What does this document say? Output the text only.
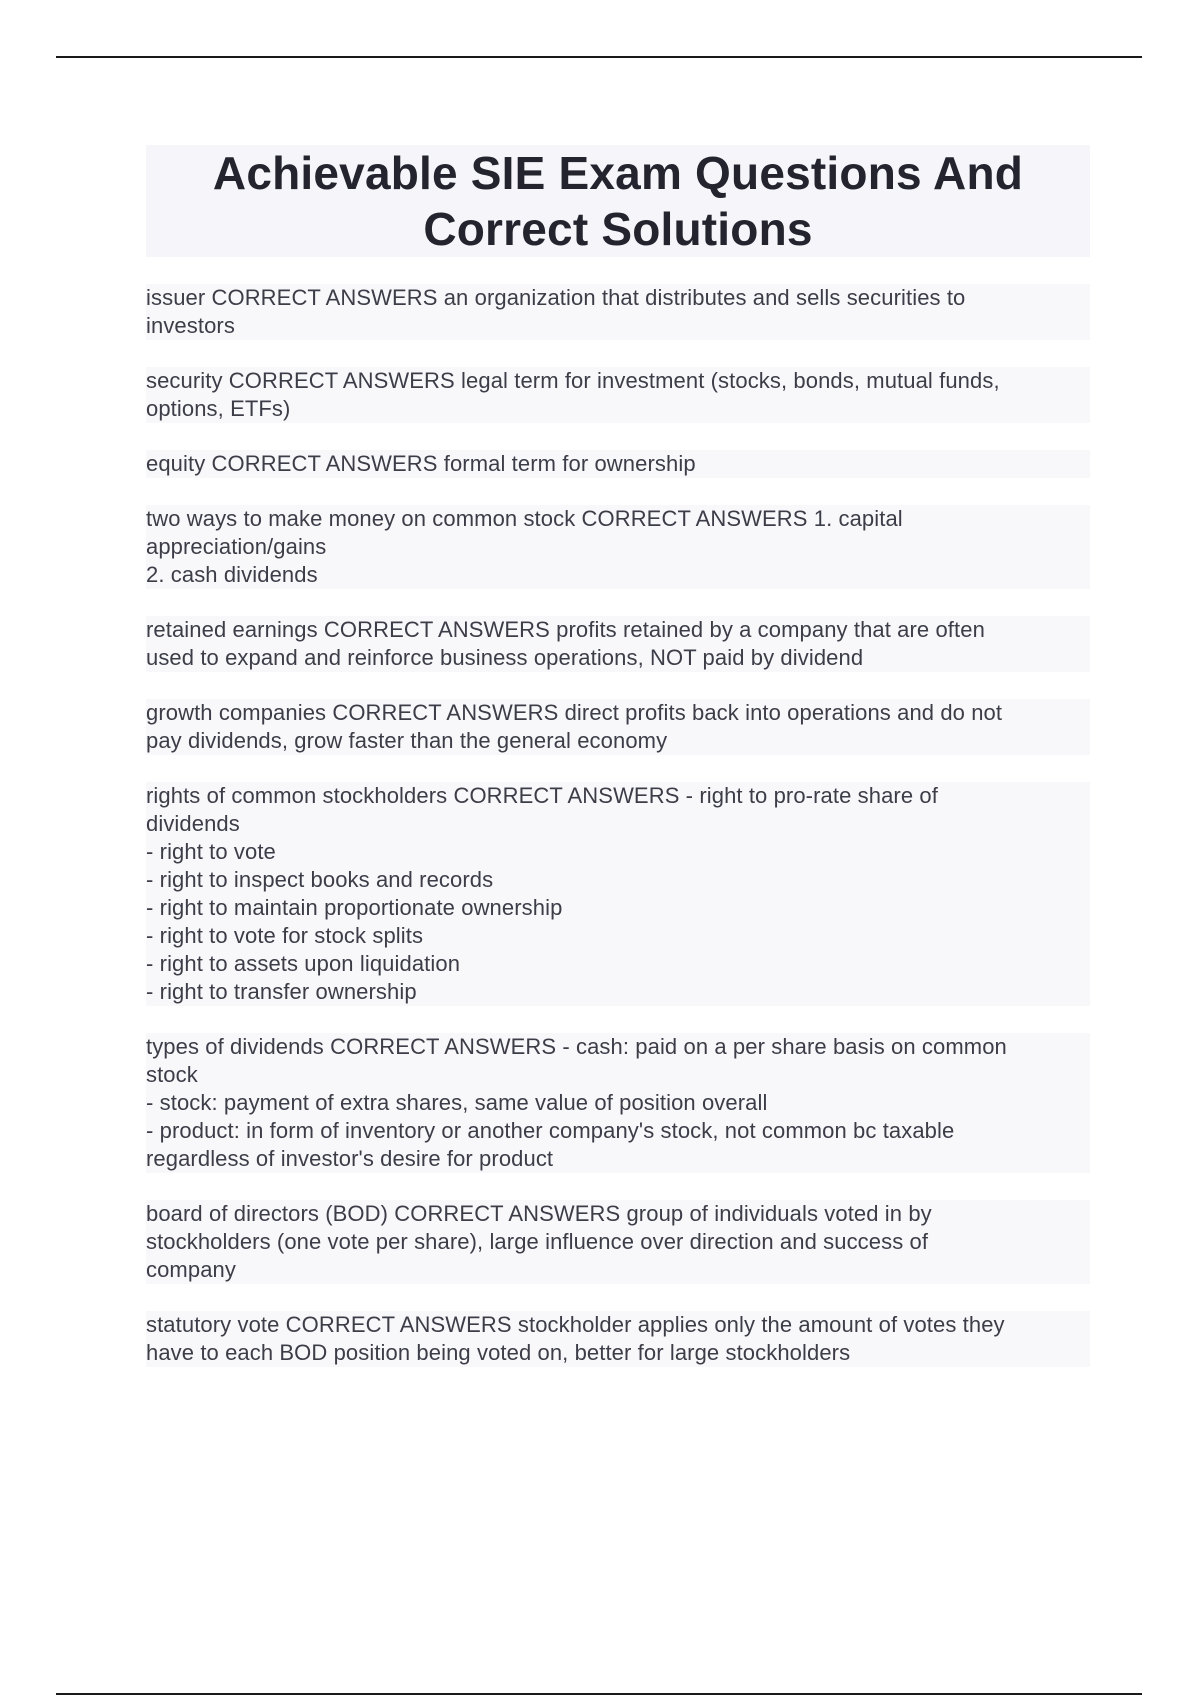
Achievable SIE Exam Questions And
Correct Solutions
issuer CORRECT ANSWERS an organization that distributes and sells securities to
investors
security CORRECT ANSWERS legal term for investment (stocks, bonds, mutual funds,
options, ETFs)
equity CORRECT ANSWERS formal term for ownership
two ways to make money on common stock CORRECT ANSWERS 1. capital
appreciation/gains
2. cash dividends
retained earnings CORRECT ANSWERS profits retained by a company that are often
used to expand and reinforce business operations, NOT paid by dividend
growth companies CORRECT ANSWERS direct profits back into operations and do not
pay dividends, grow faster than the general economy
rights of common stockholders CORRECT ANSWERS - right to pro-rate share of
dividends
- right to vote
- right to inspect books and records
- right to maintain proportionate ownership
- right to vote for stock splits
- right to assets upon liquidation
- right to transfer ownership
types of dividends CORRECT ANSWERS - cash: paid on a per share basis on common
stock
- stock: payment of extra shares, same value of position overall
- product: in form of inventory or another company's stock, not common bc taxable
regardless of investor's desire for product
board of directors (BOD) CORRECT ANSWERS group of individuals voted in by
stockholders (one vote per share), large influence over direction and success of
company
statutory vote CORRECT ANSWERS stockholder applies only the amount of votes they
have to each BOD position being voted on, better for large stockholders
